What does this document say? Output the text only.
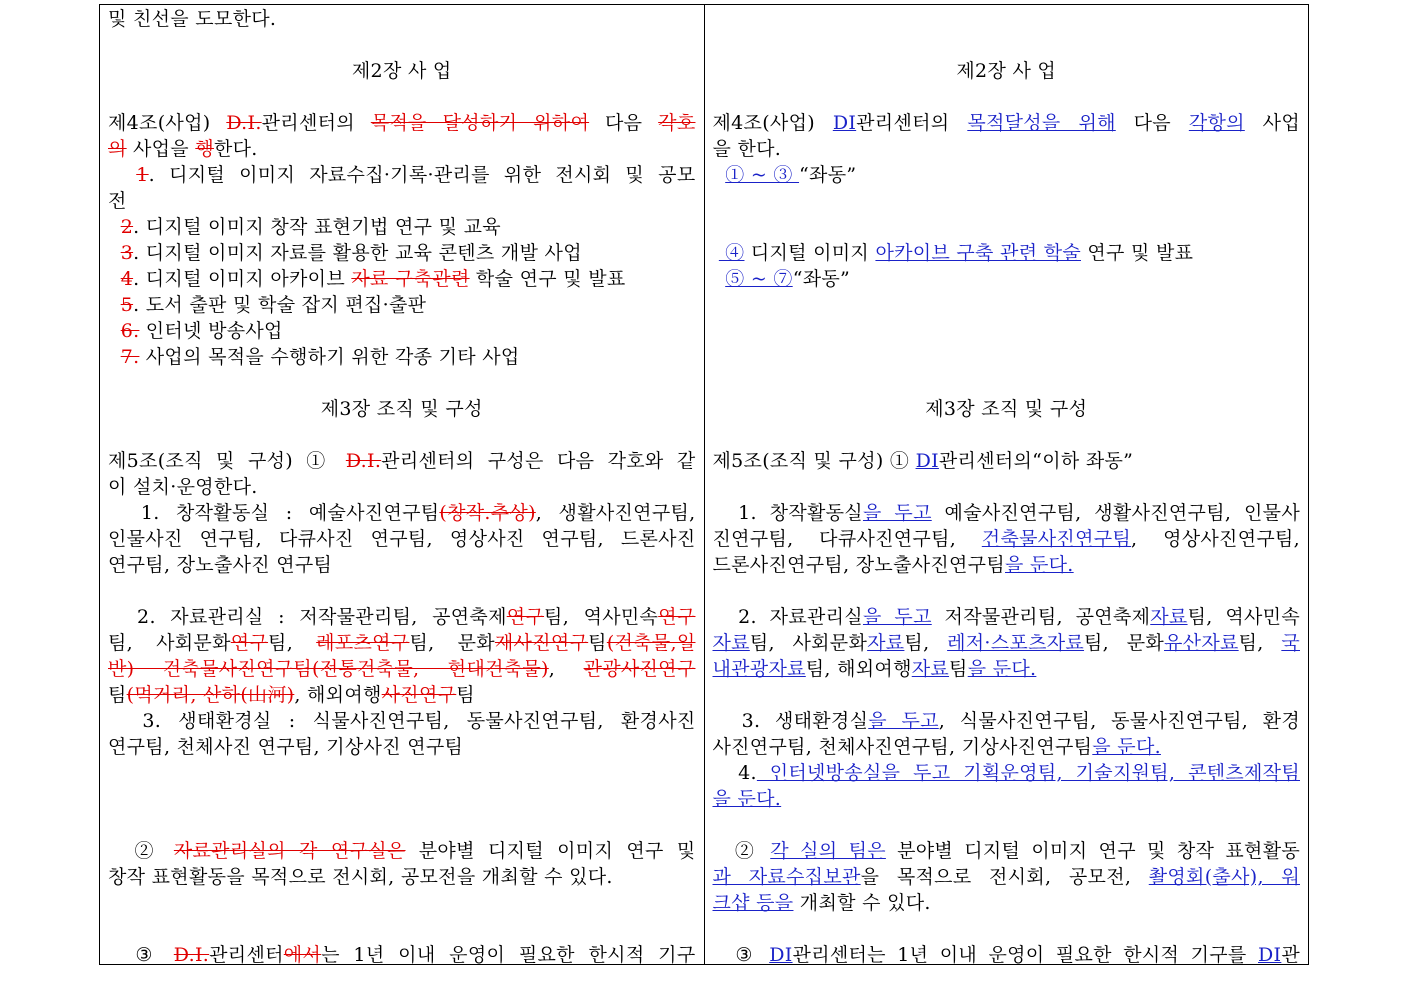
및 친선을 도모한다.
제2장 사 업
제4조(사업) D.I.관리센터의 목적을 달성하기 위하여 다음 각호
의 사업을 행한다.
1. 디지털 이미지 자료수집·기록·관리를 위한 전시회 및 공모
전
2. 디지털 이미지 창작 표현기법 연구 및 교육
3. 디지털 이미지 자료를 활용한 교육 콘텐츠 개발 사업
4. 디지털 이미지 아카이브 자료 구축관련 학술 연구 및 발표
5. 도서 출판 및 학술 잡지 편집·출판
6. 인터넷 방송사업
7. 사업의 목적을 수행하기 위한 각종 기타 사업
제3장 조직 및 구성
제5조(조직 및 구성) ① D.I.관리센터의 구성은 다음 각호와 같
이 설치·운영한다.
1. 창작활동실 : 예술사진연구팀(창작.추상), 생활사진연구팀,
인물사진 연구팀, 다큐사진 연구팀, 영상사진 연구팀, 드론사진
연구팀, 장노출사진 연구팀
2. 자료관리실 : 저작물관리팀, 공연축제연구팀, 역사민속연구
팀, 사회문화연구팀, 레포츠연구팀, 문화재사진연구팀(건축물,일
반) 건축물사진연구팀(전통건축물, 현대건축물), 관광사진연구
팀(먹거리, 산하(山河), 해외여행사진연구팀
3. 생태환경실 : 식물사진연구팀, 동물사진연구팀, 환경사진
연구팀, 천체사진 연구팀, 기상사진 연구팀
② 자료관리실의 각 연구실은 분야별 디지털 이미지 연구 및
창작 표현활동을 목적으로 전시회, 공모전을 개최할 수 있다.
③ D.I.관리센터에서는 1년 이내 운영이 필요한 한시적 기구
제2장 사 업
제4조(사업) DI관리센터의 목적달성을 위해 다음 각항의 사업
을 한다.
① ~ ③ “좌동”
④ 디지털 이미지 아카이브 구축 관련 학술 연구 및 발표
⑤ ~ ⑦“좌동”
제3장 조직 및 구성
제5조(조직 및 구성) ① DI관리센터의“이하 좌동”
1. 창작활동실을 두고 예술사진연구팀, 생활사진연구팀, 인물사
진연구팀, 다큐사진연구팀, 건축물사진연구팀, 영상사진연구팀,
드론사진연구팀, 장노출사진연구팀을 둔다.
2. 자료관리실을 두고 저작물관리팀, 공연축제자료팀, 역사민속
자료팀, 사회문화자료팀, 레저·스포츠자료팀, 문화유산자료팀, 국
내관광자료팀, 해외여행자료팀을 둔다.
3. 생태환경실을 두고, 식물사진연구팀, 동물사진연구팀, 환경
사진연구팀, 천체사진연구팀, 기상사진연구팀을 둔다.
4. 인터넷방송실을 두고 기획운영팀, 기술지원팀, 콘텐츠제작팀
을 둔다.
② 각 실의 팀은 분야별 디지털 이미지 연구 및 창작 표현활동
과 자료수집보관을 목적으로 전시회, 공모전, 촬영회(출사), 워
크샵 등을 개최할 수 있다.
③ DI관리센터는 1년 이내 운영이 필요한 한시적 기구를 DI관
